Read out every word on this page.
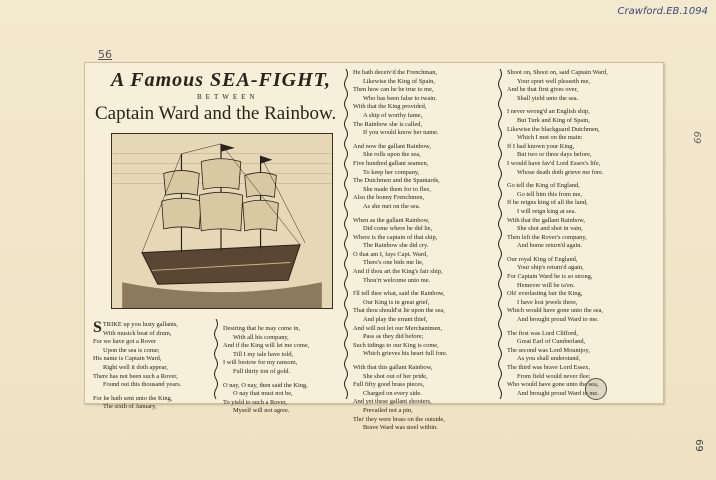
Crawford.EB.1094
56
69
69
A Famous SEA-FIGHT,
BETWEEN
Captain Ward and the Rainbow.
S TRIKE up you lusty gallants,

With musick beat of drum,

For we have got a Rover

Upon the sea is come;

His name is Captain Ward,

Right well it doth appear,

There has not been such a Rover,

Found out this thousand years.

For he hath sent unto the King,

The sixth of January,

Desiring that he may come in,

With all his company,

And if the King will let me come,

Till I my tale have told,

I will bestow for my ransom,

Full thirty ton of gold.

O nay, O nay, then said the King,

O nay that must not be,

To yield to such a Rover,

Myself will not agree.

He hath deceiv'd the Frenchman,

Likewise the King of Spain,

Then how can he be true to me,

Who has been false to twain.

With that the King provided,

A ship of worthy fame,

The Rainbow she is called,

If you would know her name.

And now the gallant Rainbow,

She rolls upon the sea,

Five hundred gallant seamen,

To keep her company,

The Dutchmen and the Spaniards,

She made them for to flee,

Also the bonny Frenchmen,

As she met on the sea.

When as the gallant Rainbow,

Did come where he did lie,

Where is the captain of that ship,

The Rainbow she did cry.

O that am I, fays Capt. Ward,

There's one bids me lie,

And if thou art the King's fair ship,

Thou'rt welcome unto me.

I'll tell thee what, said the Rainbow,

Our King is in great grief,

That thou should'st lie upon the sea,

And play the errant thief,

And will not let our Merchantmen,

Pass as they did before;

Such tidings to our King is come,

Which grieves his heart full fore.

With that this gallant Rainbow,

She shot out of her pride,

Full fifty good brass pieces,

Charged on every side.

And yet these gallant shooters,

Prevailed not a pin,

Tho' they were brass on the outside,

Brave Ward was steel within.

Shoot on, Shoot on, said Captain Ward,

Your sport well pleaseth me,

And he that first gives over,

Shall yield unto the sea.

I never wrong'd an English ship,

But Turk and King of Spain,

Likewise the blackguard Dutchmen,

Which I met on the main:

If I had known your King,

But two or three days before,

I would have fav'd Lord Essex's life,

Whose death doth grieve me fore.

Go tell the King of England,

Go tell him this from me,

If he reigns king of all the land,

I will reign king at sea.

With that the gallant Rainbow,

She shot and shot in vain,

Then left the Rover's company,

And home return'd again.

Our royal King of England,

Your ship's return'd again,

For Captain Ward he is so strong,

Hemever will be ta'en.

Oh! everlasting fair the King,

I have lost jewels three,

Which would have gone unto the sea,

And brought proud Ward to me.

The first was Lord Clifford,

Great Earl of Cumberland,

The second was Lord Mountjoy,

As you shall understand,

The third was brave Lord Essex,

From field would never flee;

Who would have gone unto the sea,

And brought proud Ward to me.
